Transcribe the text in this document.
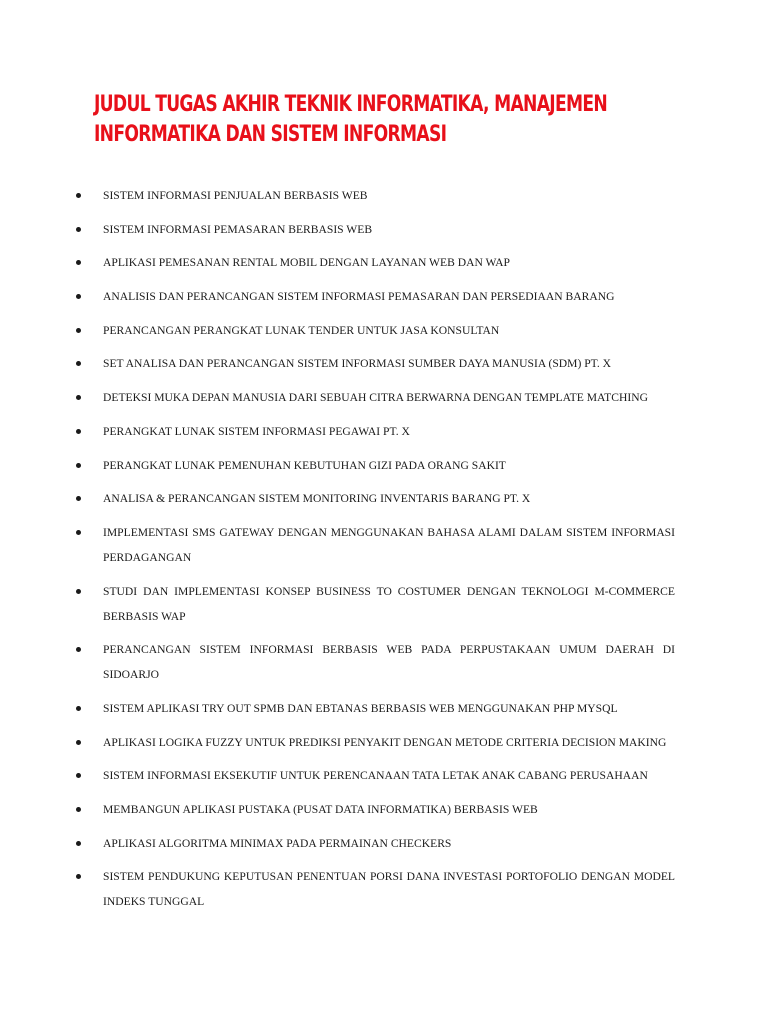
JUDUL TUGAS AKHIR TEKNIK INFORMATIKA, MANAJEMEN INFORMATIKA DAN SISTEM INFORMASI
SISTEM INFORMASI PENJUALAN BERBASIS WEB
SISTEM INFORMASI PEMASARAN BERBASIS WEB
APLIKASI PEMESANAN RENTAL MOBIL DENGAN LAYANAN WEB DAN WAP
ANALISIS DAN PERANCANGAN SISTEM INFORMASI PEMASARAN DAN PERSEDIAAN BARANG
PERANCANGAN PERANGKAT LUNAK TENDER UNTUK JASA KONSULTAN
SET ANALISA DAN PERANCANGAN SISTEM INFORMASI SUMBER DAYA MANUSIA (SDM) PT. X
DETEKSI MUKA DEPAN MANUSIA DARI SEBUAH CITRA BERWARNA DENGAN TEMPLATE MATCHING
PERANGKAT LUNAK SISTEM INFORMASI PEGAWAI PT. X
PERANGKAT LUNAK PEMENUHAN KEBUTUHAN GIZI PADA ORANG SAKIT
ANALISA & PERANCANGAN SISTEM MONITORING INVENTARIS BARANG PT. X
IMPLEMENTASI SMS GATEWAY DENGAN MENGGUNAKAN BAHASA ALAMI DALAM SISTEM INFORMASI PERDAGANGAN
STUDI DAN IMPLEMENTASI KONSEP BUSINESS TO COSTUMER DENGAN TEKNOLOGI M-COMMERCE BERBASIS WAP
PERANCANGAN SISTEM INFORMASI BERBASIS WEB PADA PERPUSTAKAAN UMUM DAERAH DI SIDOARJO
SISTEM APLIKASI TRY OUT SPMB DAN EBTANAS BERBASIS WEB MENGGUNAKAN PHP MYSQL
APLIKASI LOGIKA FUZZY UNTUK PREDIKSI PENYAKIT DENGAN METODE CRITERIA DECISION MAKING
SISTEM INFORMASI EKSEKUTIF UNTUK PERENCANAAN TATA LETAK ANAK CABANG PERUSAHAAN
MEMBANGUN APLIKASI PUSTAKA (PUSAT DATA INFORMATIKA) BERBASIS WEB
APLIKASI ALGORITMA MINIMAX PADA PERMAINAN CHECKERS
SISTEM PENDUKUNG KEPUTUSAN PENENTUAN PORSI DANA INVESTASI PORTOFOLIO DENGAN MODEL INDEKS TUNGGAL
